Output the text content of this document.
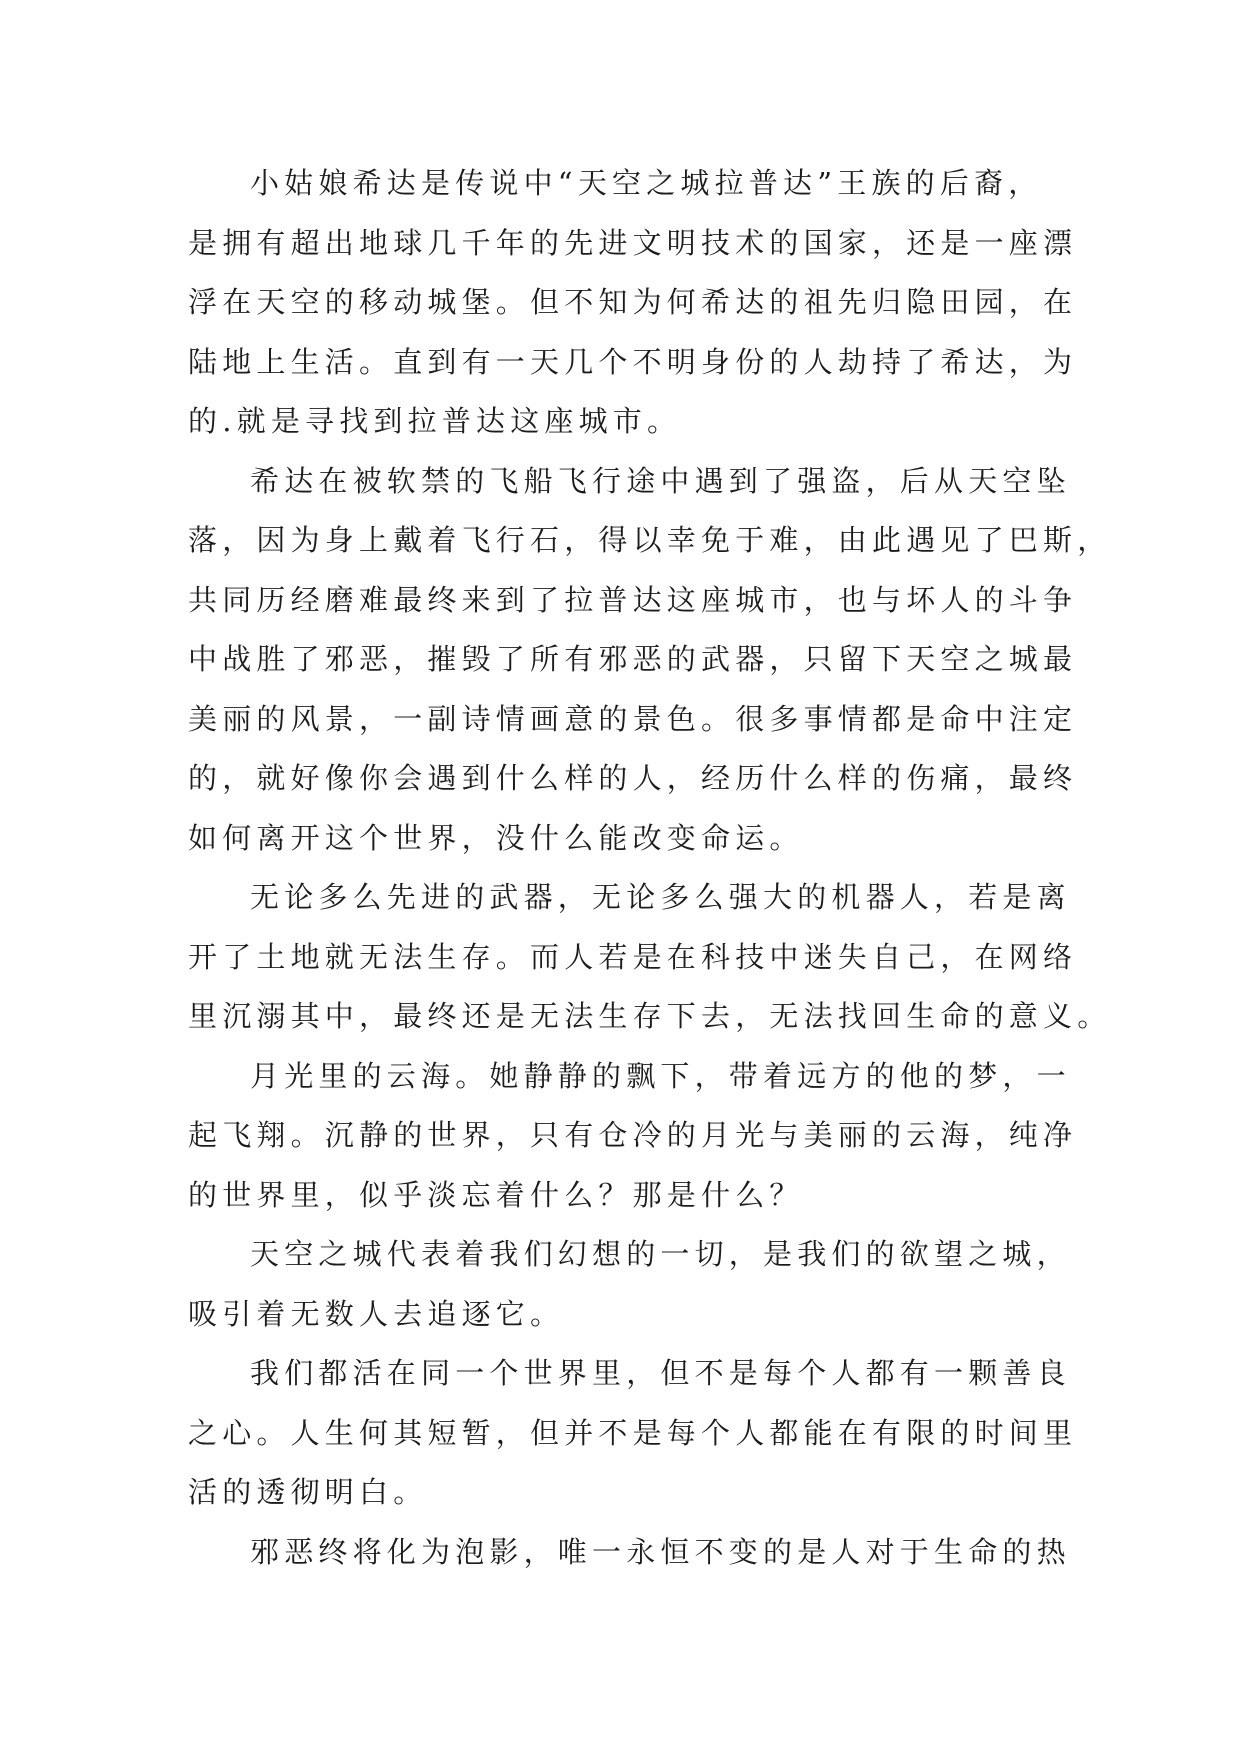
小姑娘希达是传说中“天空之城拉普达”王族的后裔，
是拥有超出地球几千年的先进文明技术的国家，还是一座漂
浮在天空的移动城堡。但不知为何希达的祖先归隐田园，在
陆地上生活。直到有一天几个不明身份的人劫持了希达，为
的.就是寻找到拉普达这座城市。

希达在被软禁的飞船飞行途中遇到了强盗，后从天空坠
落，因为身上戴着飞行石，得以幸免于难，由此遇见了巴斯，
共同历经磨难最终来到了拉普达这座城市，也与坏人的斗争
中战胜了邪恶，摧毁了所有邪恶的武器，只留下天空之城最
美丽的风景，一副诗情画意的景色。很多事情都是命中注定
的，就好像你会遇到什么样的人，经历什么样的伤痛，最终
如何离开这个世界，没什么能改变命运。

无论多么先进的武器，无论多么强大的机器人，若是离
开了土地就无法生存。而人若是在科技中迷失自己，在网络
里沉溺其中，最终还是无法生存下去，无法找回生命的意义。

月光里的云海。她静静的飘下，带着远方的他的梦，一
起飞翔。沉静的世界，只有仓冷的月光与美丽的云海，纯净
的世界里，似乎淡忘着什么？那是什么？

天空之城代表着我们幻想的一切，是我们的欲望之城，
吸引着无数人去追逐它。

我们都活在同一个世界里，但不是每个人都有一颗善良
之心。人生何其短暂，但并不是每个人都能在有限的时间里
活的透彻明白。

邪恶终将化为泡影，唯一永恒不变的是人对于生命的热
